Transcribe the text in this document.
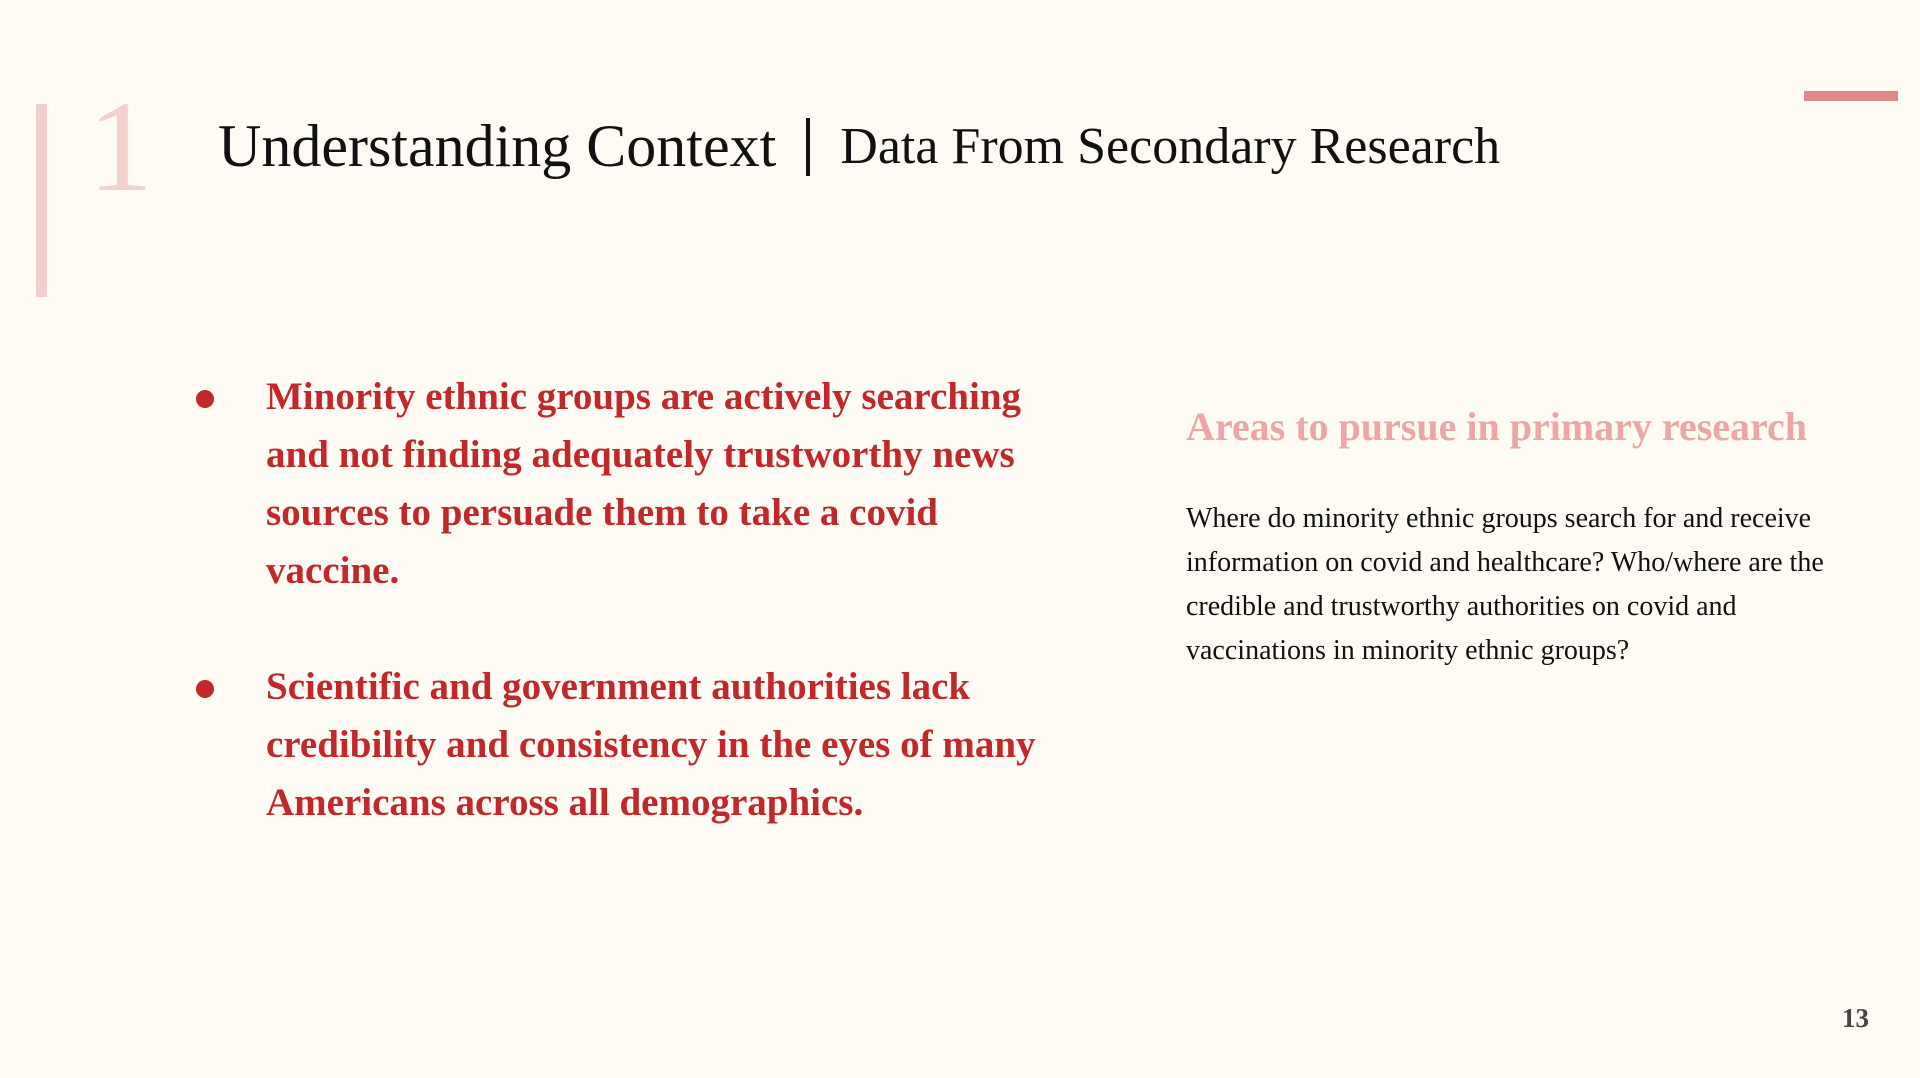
1 Understanding Context Data From Secondary Research
Minority ethnic groups are actively searching and not finding adequately trustworthy news sources to persuade them to take a covid vaccine.
Scientific and government authorities lack credibility and consistency in the eyes of many Americans across all demographics.
Areas to pursue in primary research
Where do minority ethnic groups search for and receive information on covid and healthcare? Who/where are the credible and trustworthy authorities on covid and vaccinations in minority ethnic groups?
13
